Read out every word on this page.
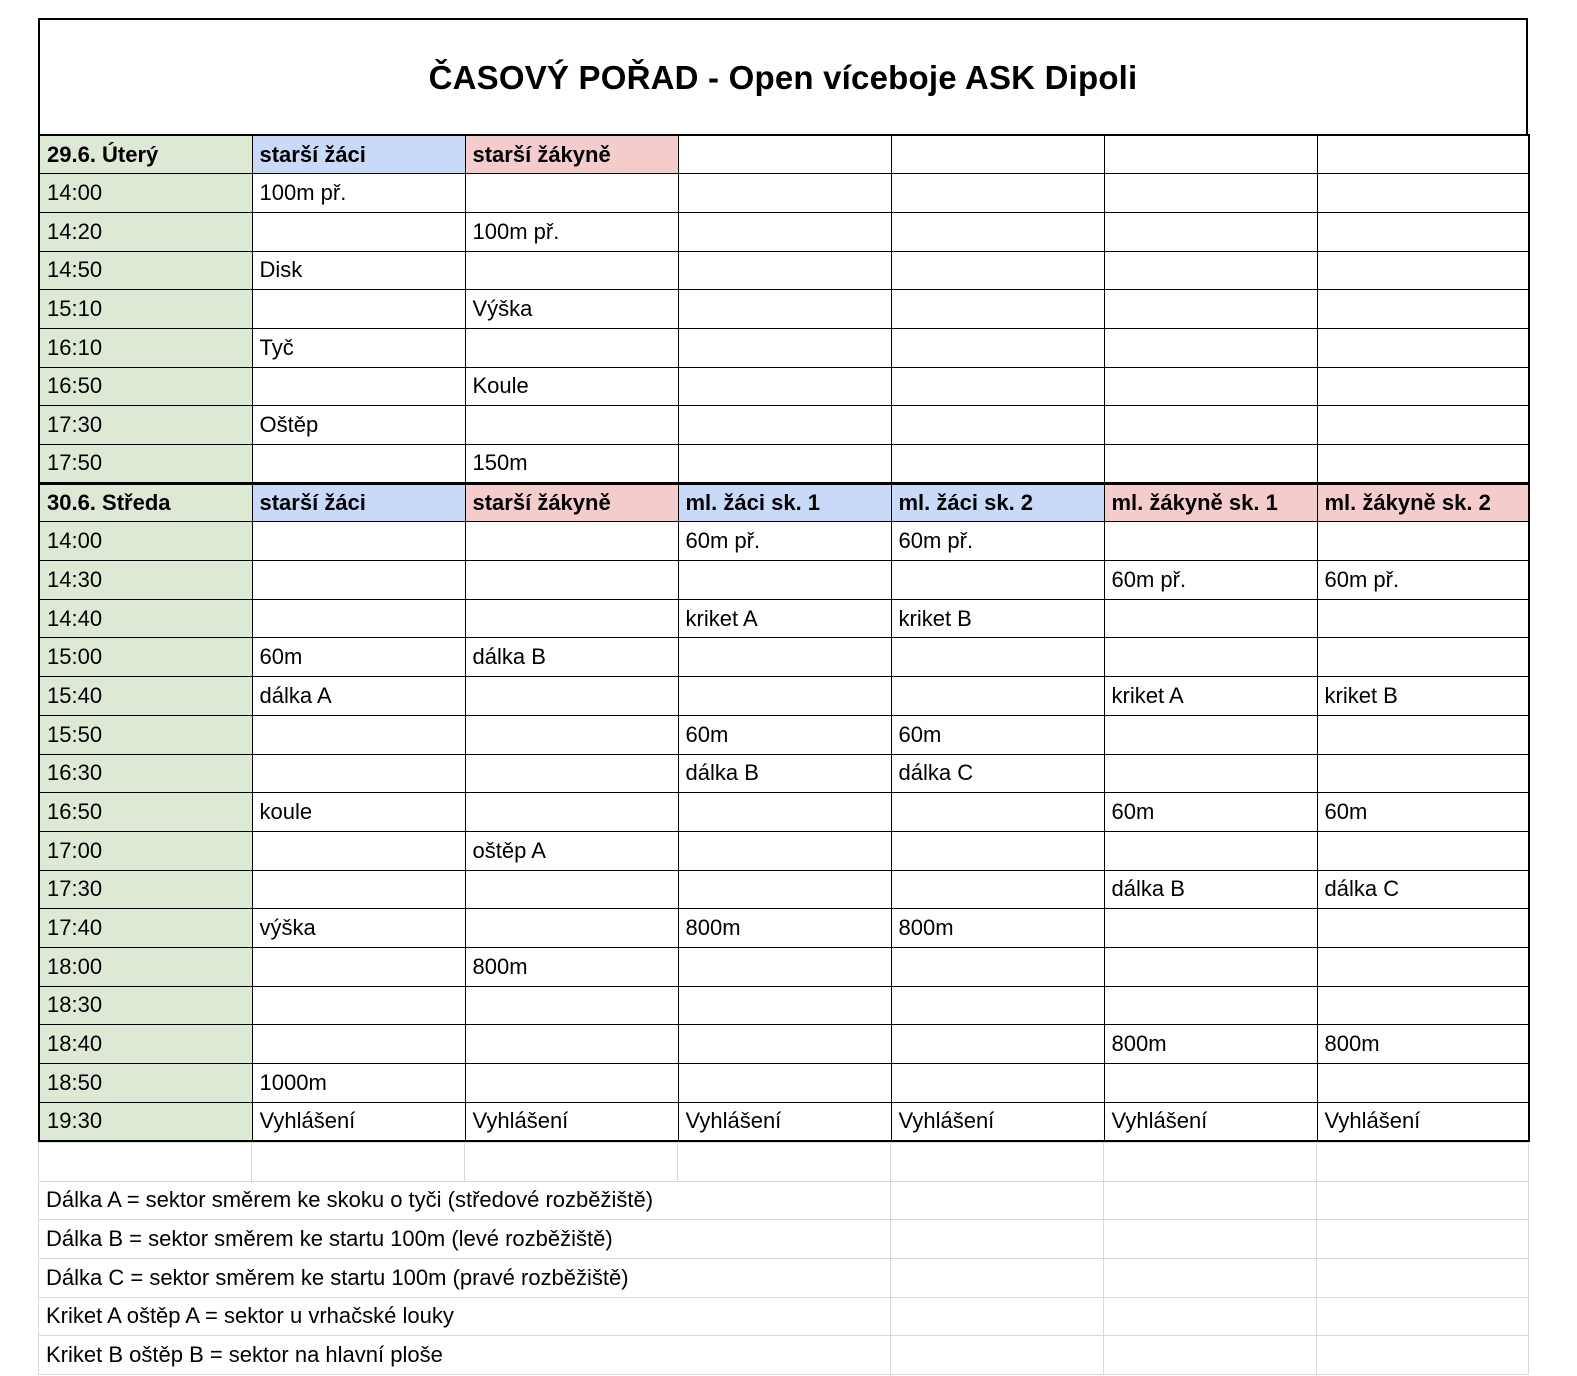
ČASOVÝ POŘAD - Open víceboje ASK Dipoli
29.6. Úterý	starší žáci	starší žákyně				
14:00	100m př.					
14:20		100m př.				
14:50	Disk					
15:10		Výška				
16:10	Tyč					
16:50		Koule				
17:30	Oštěp					
17:50		150m				
30.6. Středa	starší žáci	starší žákyně	ml. žáci sk. 1	ml. žáci sk. 2	ml. žákyně sk. 1	ml. žákyně sk. 2
14:00			60m př.	60m př.		
14:30					60m př.	60m př.
14:40			kriket A	kriket B		
15:00	60m	dálka B				
15:40	dálka A				kriket A	kriket B
15:50			60m	60m		
16:30			dálka B	dálka C		
16:50	koule				60m	60m
17:00		oštěp A				
17:30					dálka B	dálka C
17:40	výška		800m	800m		
18:00		800m				
18:30						
18:40					800m	800m
18:50	1000m					
19:30	Vyhlášení	Vyhlášení	Vyhlášení	Vyhlášení	Vyhlášení	Vyhlášení

Dálka A = sektor směrem ke skoku o tyči (středové rozběžiště)						
Dálka B = sektor směrem ke startu 100m (levé rozběžiště)						
Dálka C = sektor směrem ke startu 100m (pravé rozběžiště)						
Kriket A oštěp A = sektor u vrhačské louky						
Kriket B oštěp B = sektor na hlavní ploše						
